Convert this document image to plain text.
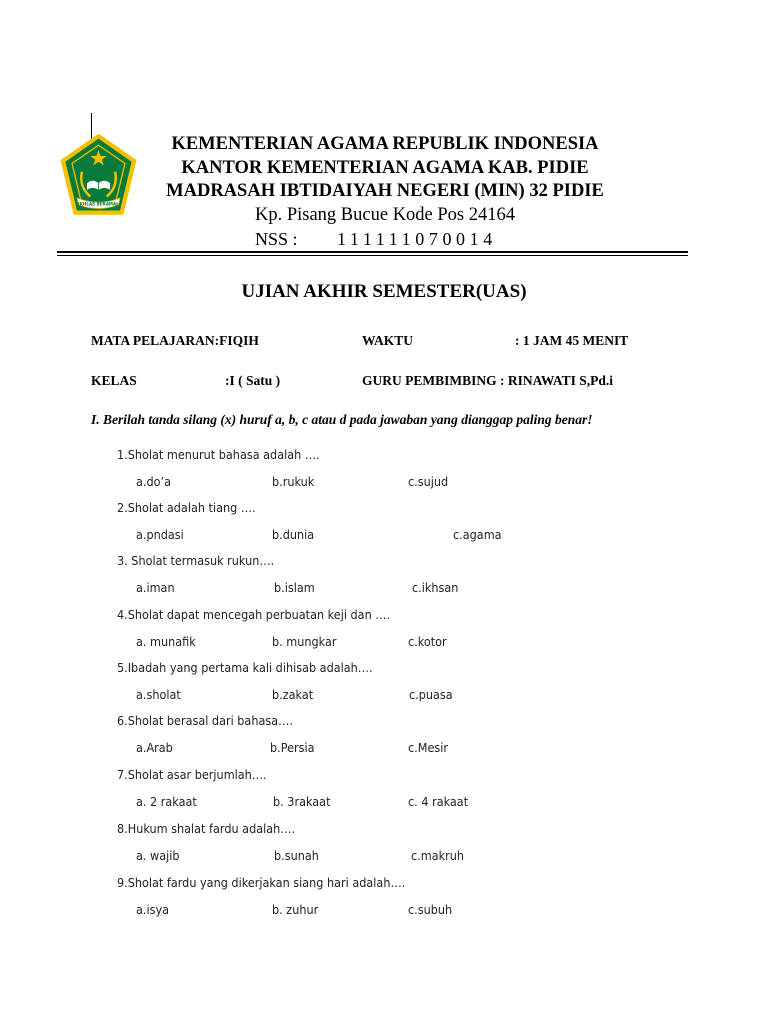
IKHLAS BERAMAL
KEMENTERIAN AGAMA REPUBLIK INDONESIA
KANTOR KEMENTERIAN AGAMA KAB. PIDIE
MADRASAH IBTIDAIYAH NEGERI (MIN) 32 PIDIE
Kp. Pisang Bucue Kode Pos 24164
NSS : 111111070014
UJIAN AKHIR SEMESTER(UAS)
MATA PELAJARAN:FIQIH	WAKTU	: 1 JAM 45 MENIT
KELAS	:I ( Satu )	GURU PEMBIMBING : RINAWATI S,Pd.i
I. Berilah tanda silang (x) huruf a, b, c atau d pada jawaban yang dianggap paling benar!
1.Sholat menurut bahasa adalah ….
a.do’a	b.rukuk	c.sujud
2.Sholat adalah tiang ….
a.pndasi	b.dunia	c.agama
3. Sholat termasuk rukun….
a.iman	b.islam	c.ikhsan
4.Sholat dapat mencegah perbuatan keji dan ….
a. munafik	b. mungkar	c.kotor
5.Ibadah yang pertama kali dihisab adalah….
a.sholat	b.zakat	c.puasa
6.Sholat berasal dari bahasa….
a.Arab	b.Persia	c.Mesir
7.Sholat asar berjumlah….
a. 2 rakaat	b. 3rakaat	c. 4 rakaat
8.Hukum shalat fardu adalah….
a. wajib	b.sunah	c.makruh
9.Sholat fardu yang dikerjakan siang hari adalah….
a.isya	b. zuhur	c.subuh
